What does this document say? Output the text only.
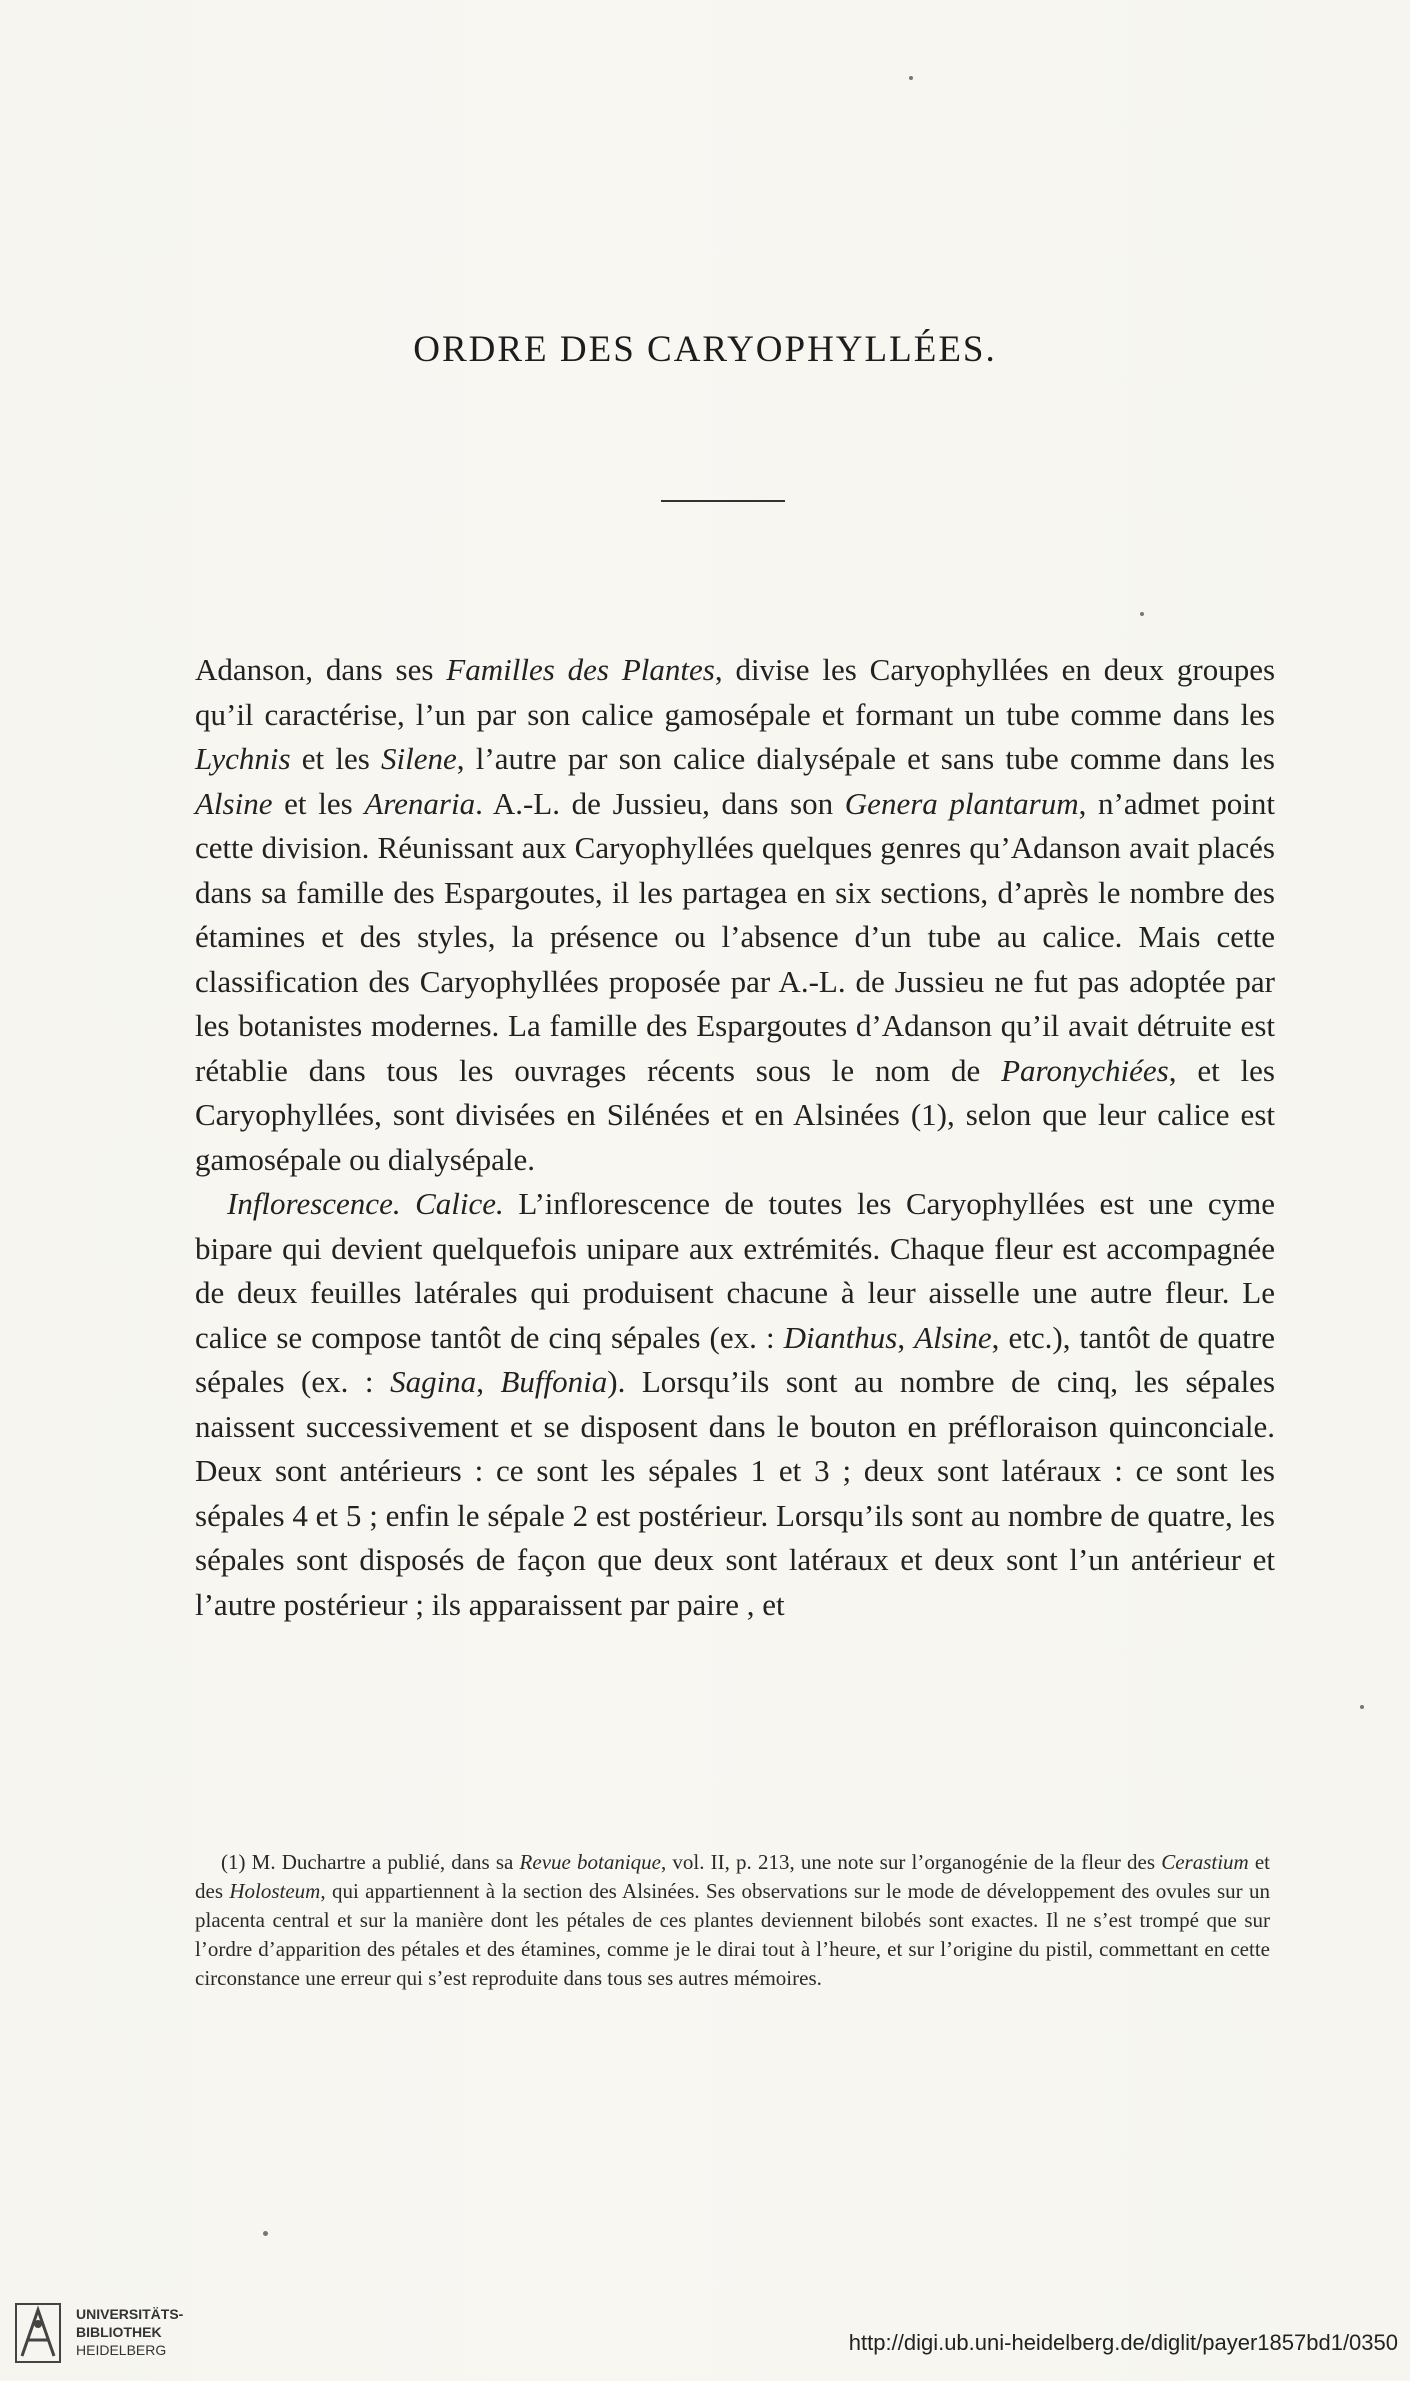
ORDRE DES CARYOPHYLLÉES.

Adanson, dans ses Familles des Plantes, divise les Caryophyllées en deux groupes qu’il caractérise, l’un par son calice gamosépale et formant un tube comme dans les Lychnis et les Silene, l’autre par son calice dialysépale et sans tube comme dans les Alsine et les Arenaria. A.-L. de Jussieu, dans son Genera plantarum, n’admet point cette division. Réunissant aux Caryophyllées quelques genres qu’Adanson avait placés dans sa famille des Espargoutes, il les partagea en six sections, d’après le nombre des étamines et des styles, la présence ou l’absence d’un tube au calice. Mais cette classification des Caryophyllées proposée par A.-L. de Jussieu ne fut pas adoptée par les botanistes modernes. La famille des Espargoutes d’Adanson qu’il avait détruite est rétablie dans tous les ouvrages récents sous le nom de Paronychiées, et les Caryophyllées, sont divisées en Silénées et en Alsinées (1), selon que leur calice est gamosépale ou dialysépale.

Inflorescence. Calice. L’inflorescence de toutes les Caryophyllées est une cyme bipare qui devient quelquefois unipare aux extrémités. Chaque fleur est accompagnée de deux feuilles latérales qui produisent chacune à leur aisselle une autre fleur. Le calice se compose tantôt de cinq sépales (ex. : Dianthus, Alsine, etc.), tantôt de quatre sépales (ex. : Sagina, Buffonia). Lorsqu’ils sont au nombre de cinq, les sépales naissent successivement et se disposent dans le bouton en préfloraison quinconciale. Deux sont antérieurs : ce sont les sépales 1 et 3 ; deux sont latéraux : ce sont les sépales 4 et 5 ; enfin le sépale 2 est postérieur. Lorsqu’ils sont au nombre de quatre, les sépales sont disposés de façon que deux sont latéraux et deux sont l’un antérieur et l’autre postérieur ; ils apparaissent par paire , et

(1) M. Duchartre a publié, dans sa Revue botanique, vol. II, p. 213, une note sur l’organogénie de la fleur des Cerastium et des Holosteum, qui appartiennent à la section des Alsinées. Ses observations sur le mode de développement des ovules sur un placenta central et sur la manière dont les pétales de ces plantes deviennent bilobés sont exactes. Il ne s’est trompé que sur l’ordre d’apparition des pétales et des étamines, comme je le dirai tout à l’heure, et sur l’origine du pistil, commettant en cette circonstance une erreur qui s’est reproduite dans tous ses autres mémoires.

UNIVERSITÄTS-
BIBLIOTHEK
HEIDELBERG	http://digi.ub.uni-heidelberg.de/diglit/payer1857bd1/0350
